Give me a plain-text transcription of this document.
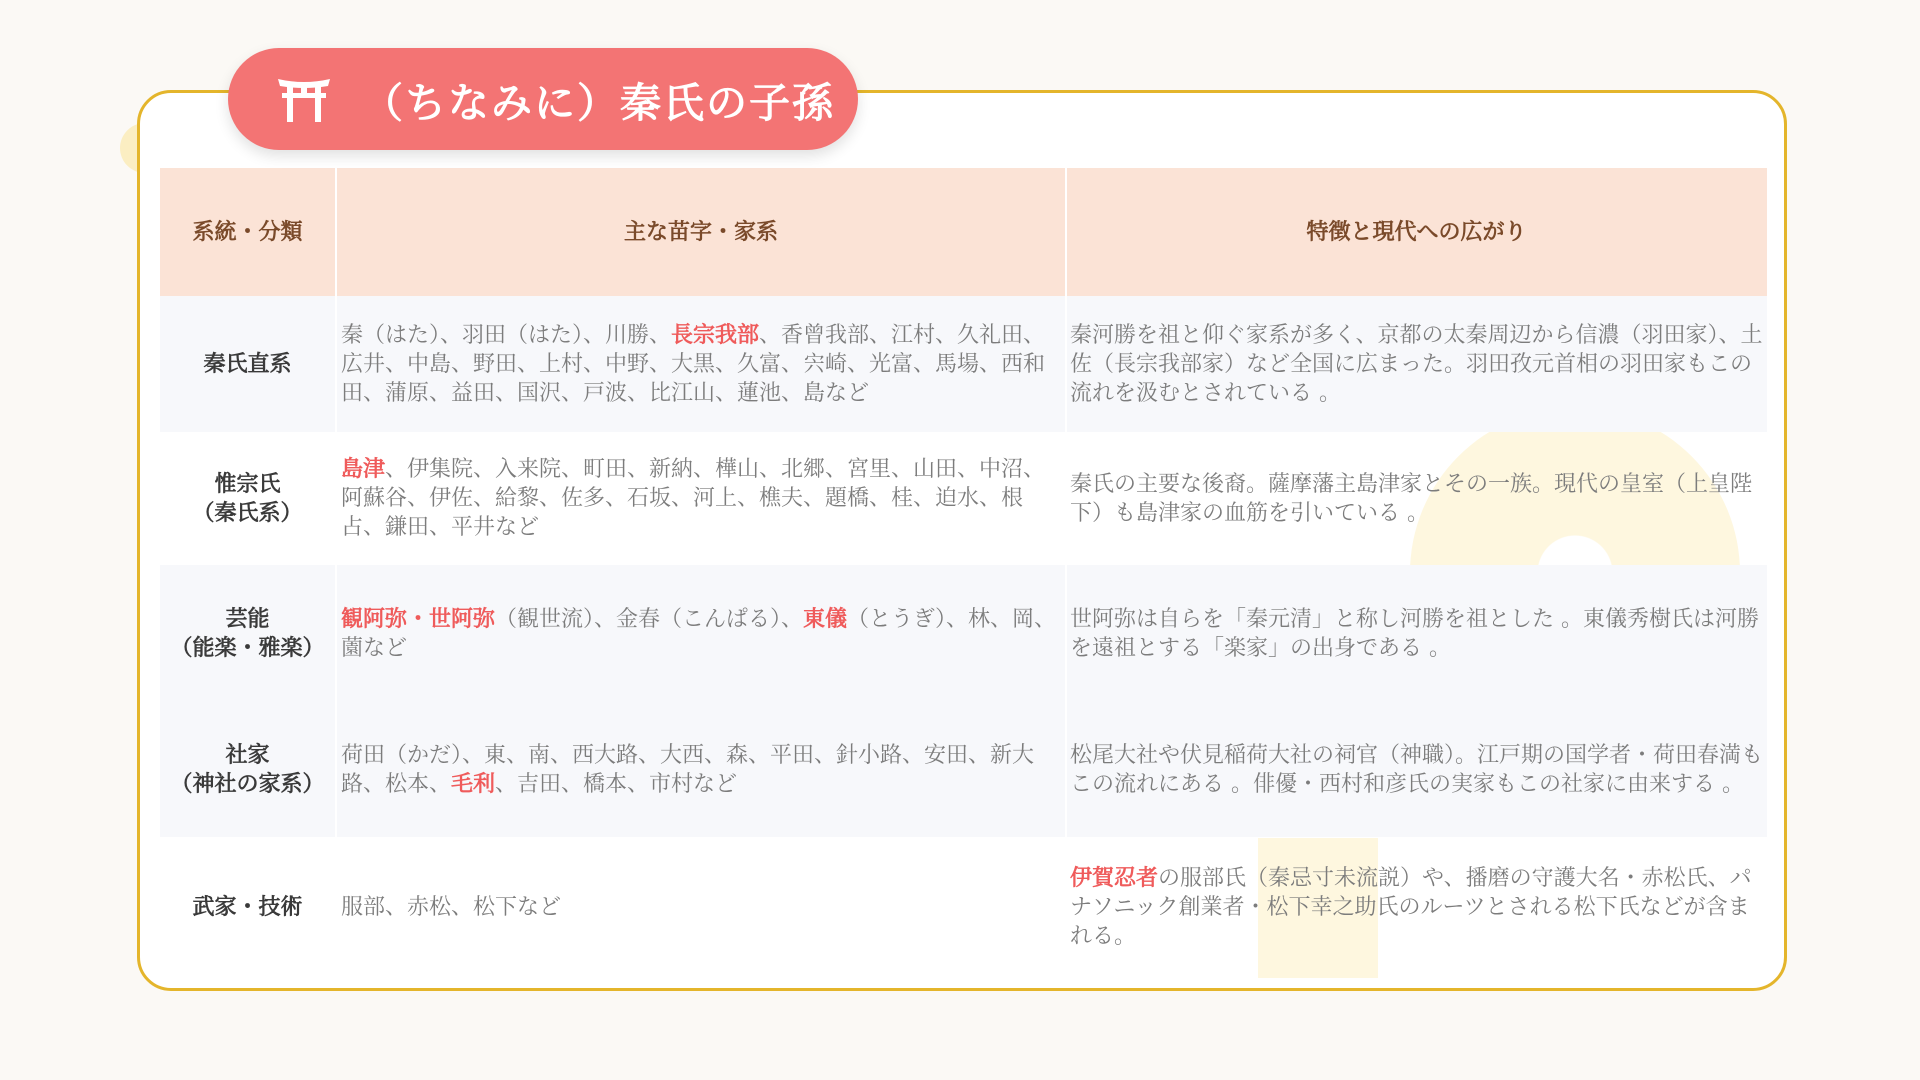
系統・分類	主な苗字・家系	特徴と現代への広がり
秦氏直系
秦（はた）、羽田（はた）、川勝、長宗我部、香曾我部、江村、久礼田、広井、中島、野田、上村、中野、大黒、久富、宍崎、光富、馬場、西和田、蒲原、益田、国沢、戸波、比江山、蓮池、島など
秦河勝を祖と仰ぐ家系が多く、京都の太秦周辺から信濃（羽田家）、土佐（長宗我部家）など全国に広まった。羽田孜元首相の羽田家もこの流れを汲むとされている 。
惟宗氏
（秦氏系）
島津、伊集院、入来院、町田、新納、樺山、北郷、宮里、山田、中沼、阿蘇谷、伊佐、給黎、佐多、石坂、河上、樵夫、題橋、桂、迫水、根占、鎌田、平井など
秦氏の主要な後裔。薩摩藩主島津家とその一族。現代の皇室（上皇陛下）も島津家の血筋を引いている 。
芸能
（能楽・雅楽）
観阿弥・世阿弥（観世流）、金春（こんぱる）、東儀（とうぎ）、林、岡、薗など
世阿弥は自らを「秦元清」と称し河勝を祖とした 。東儀秀樹氏は河勝を遠祖とする「楽家」の出身である 。
社家
（神社の家系）
荷田（かだ）、東、南、西大路、大西、森、平田、針小路、安田、新大路、松本、毛利、吉田、橋本、市村など
松尾大社や伏見稲荷大社の祠官（神職）。江戸期の国学者・荷田春満もこの流れにある 。俳優・西村和彦氏の実家もこの社家に由来する 。
武家・技術 服部、赤松、松下など
伊賀忍者の服部氏（秦忌寸未流説）や、播磨の守護大名・赤松氏、パナソニック創業者・松下幸之助氏のルーツとされる松下氏などが含まれる。
（ちなみに）秦氏の子孫
